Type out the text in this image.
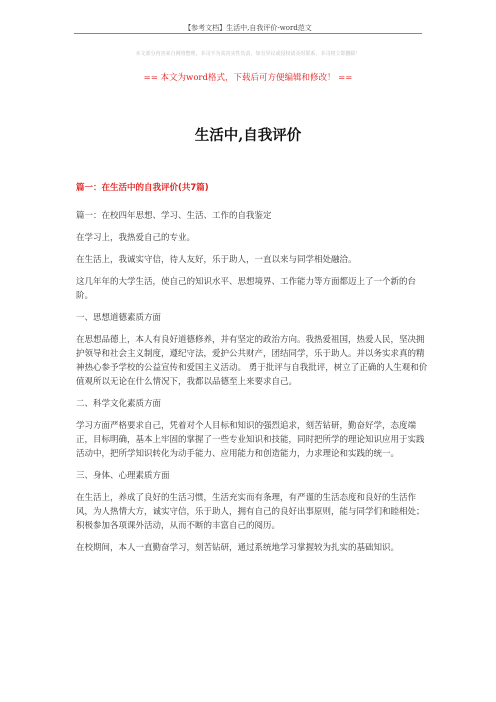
【参考文档】生活中,自我评价-word范文
本文部分内容来自网络整理，本司不为其真实性负责，如有异议或侵权请及时联系，本司将立即删除！
== 本文为word格式，下载后可方便编辑和修改！ ==
生活中,自我评价
篇一：在生活中的自我评价(共7篇)

篇一：在校四年思想、学习、生活、工作的自我鉴定

在学习上，我热爱自己的专业。

在生活上，我诚实守信，待人友好，乐于助人，一直以来与同学相处融洽。

这几年年的大学生活，使自己的知识水平、思想境界、工作能力等方面都迈上了一个新的台阶。

一、思想道德素质方面

在思想品德上，本人有良好道德修养，并有坚定的政治方向。我热爱祖国，热爱人民，坚决拥护领导和社会主义制度，遵纪守法，爱护公共财产，团结同学，乐于助人。并以务实求真的精神热心参予学校的公益宣传和爱国主义活动。 勇于批评与自我批评，树立了正确的人生观和价值观所以无论在什么情况下，我都以品德至上来要求自己。

二、科学文化素质方面

学习方面严格要求自己，凭着对个人目标和知识的强烈追求，刻苦钻研，勤奋好学，态度端正，目标明确，基本上牢固的掌握了一些专业知识和技能，同时把所学的理论知识应用于实践活动中，把所学知识转化为动手能力、应用能力和创造能力，力求理论和实践的统一。

三、身体、心理素质方面

在生活上，养成了良好的生活习惯，生活充实而有条理，有严谨的生活态度和良好的生活作风，为人热情大方，诚实守信，乐于助人，拥有自己的良好出事原则，能与同学们和睦相处；积极参加各项课外活动，从而不断的丰富自己的阅历。

在校期间，本人一直勤奋学习，刻苦钻研，通过系统地学习掌握较为扎实的基础知识。
